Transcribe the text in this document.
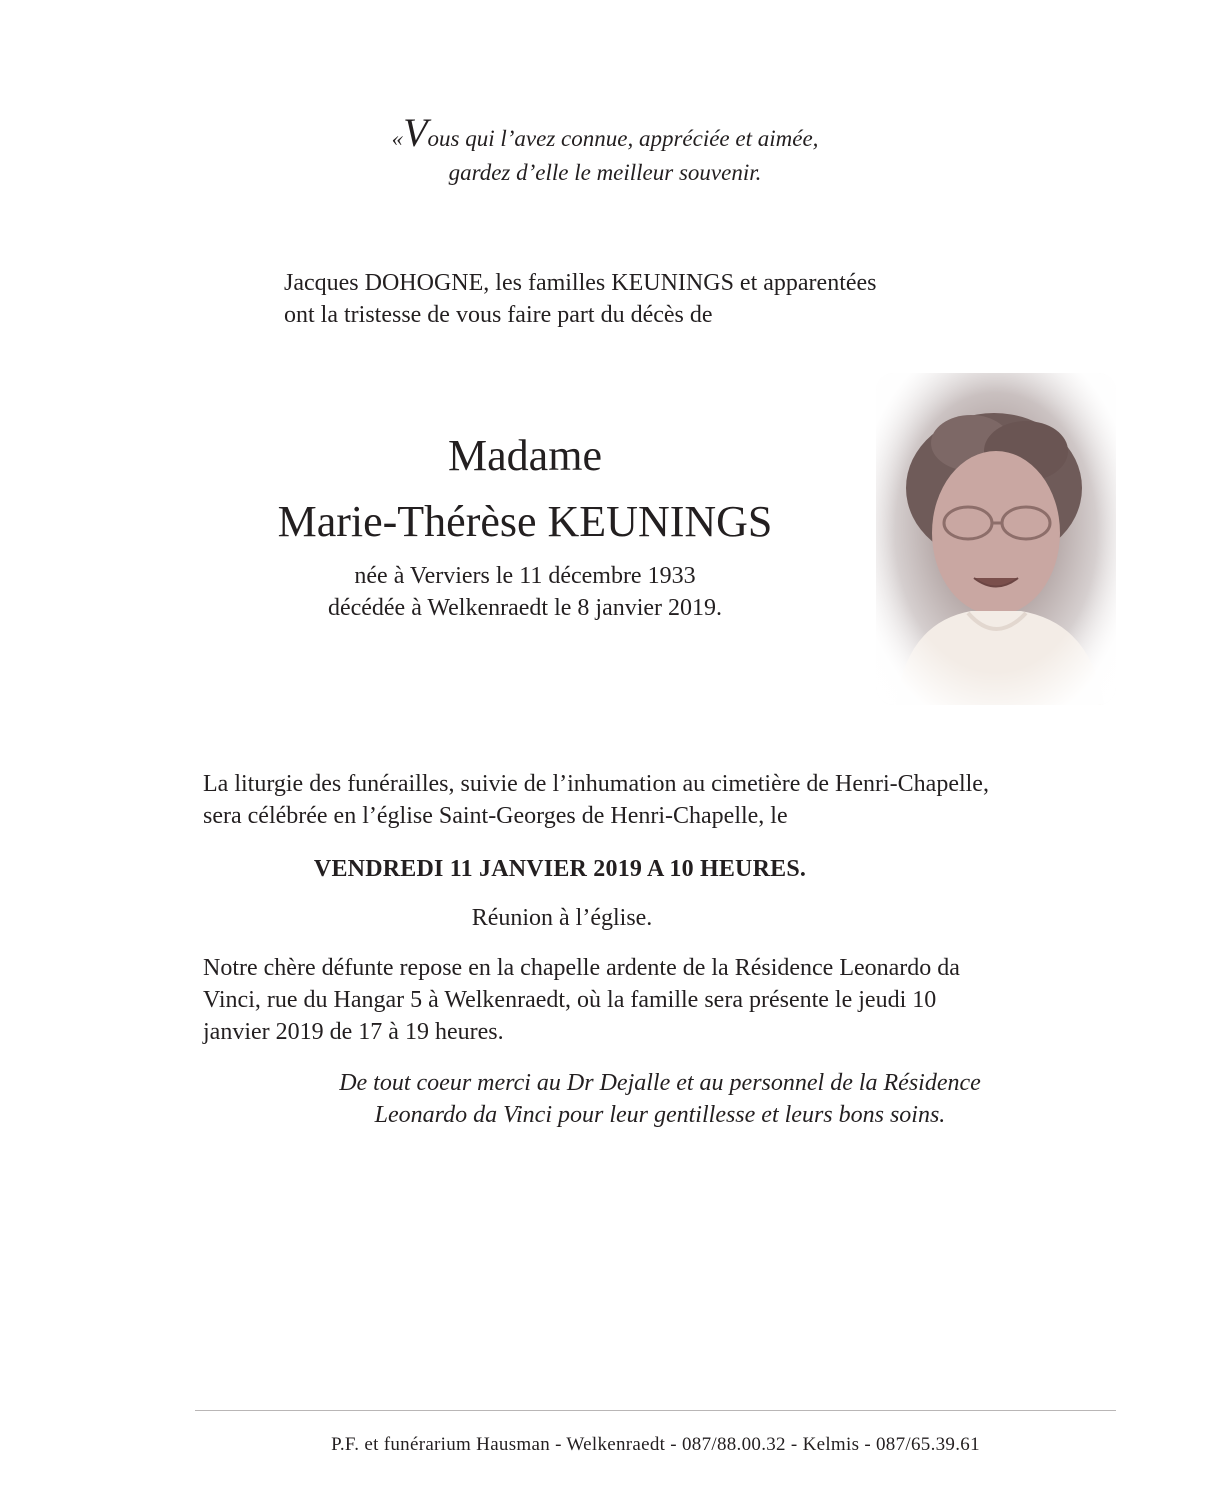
«Vous qui l’avez connue, appréciée et aimée,
gardez d’elle le meilleur souvenir.
Jacques DOHOGNE, les familles KEUNINGS et apparentées
ont la tristesse de vous faire part du décès de
Madame
Marie-Thérèse KEUNINGS
née à Verviers le 11 décembre 1933
décédée à Welkenraedt le 8 janvier 2019.
La liturgie des funérailles, suivie de l’inhumation au cimetière de Henri-Chapelle,
sera célébrée en l’église Saint-Georges de Henri-Chapelle, le
VENDREDI 11 JANVIER 2019 A 10 HEURES.
Réunion à l’église.
Notre chère défunte repose en la chapelle ardente de la Résidence Leonardo da
Vinci, rue du Hangar 5 à Welkenraedt, où la famille sera présente le jeudi 10
janvier 2019 de 17 à 19 heures.
De tout coeur merci au Dr Dejalle et au personnel de la Résidence
Leonardo da Vinci pour leur gentillesse et leurs bons soins.
P.F. et funérarium Hausman - Welkenraedt - 087/88.00.32 - Kelmis - 087/65.39.61
